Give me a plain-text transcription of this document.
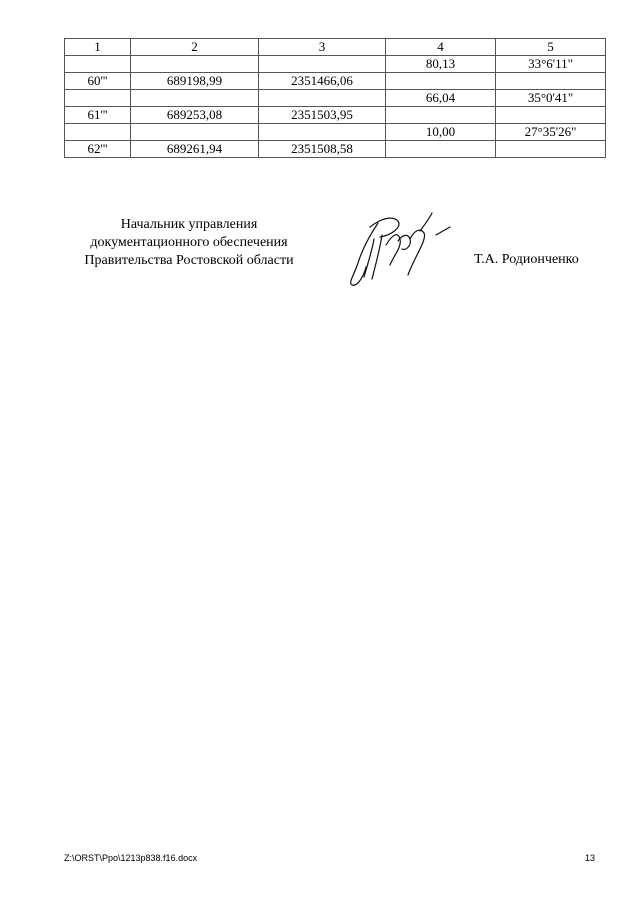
1	2	3	4	5
			80,13	33°6'11"
60'''	689198,99	2351466,06		
			66,04	35°0'41"
61'''	689253,08	2351503,95		
			10,00	27°35'26"
62'''	689261,94	2351508,58		
Начальник управления
документационного обеспечения
Правительства Ростовской области	Т.А. Родионченко
Z:\ORST\Ppo\1213p838.f16.docx	13
